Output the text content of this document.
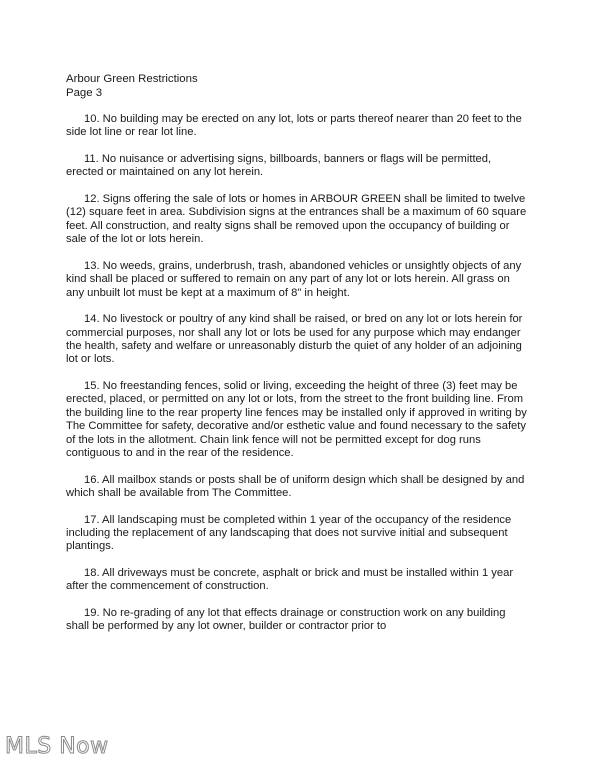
Arbour Green Restrictions
Page 3

10. No building may be erected on any lot, lots or parts thereof nearer than 20 feet to the side lot line or rear lot line.

11. No nuisance or advertising signs, billboards, banners or flags will be permitted, erected or maintained on any lot herein.

12. Signs offering the sale of lots or homes in ARBOUR GREEN shall be limited to twelve (12) square feet in area. Subdivision signs at the entrances shall be a maximum of 60 square feet. All construction, and realty signs shall be removed upon the occupancy of building or sale of the lot or lots herein.

13. No weeds, grains, underbrush, trash, abandoned vehicles or unsightly objects of any kind shall be placed or suffered to remain on any part of any lot or lots herein. All grass on any unbuilt lot must be kept at a maximum of 8" in height.

14. No livestock or poultry of any kind shall be raised, or bred on any lot or lots herein for commercial purposes, nor shall any lot or lots be used for any purpose which may endanger the health, safety and welfare or unreasonably disturb the quiet of any holder of an adjoining lot or lots.

15. No freestanding fences, solid or living, exceeding the height of three (3) feet may be erected, placed, or permitted on any lot or lots, from the street to the front building line. From the building line to the rear property line fences may be installed only if approved in writing by The Committee for safety, decorative and/or esthetic value and found necessary to the safety of the lots in the allotment. Chain link fence will not be permitted except for dog runs contiguous to and in the rear of the residence.

16. All mailbox stands or posts shall be of uniform design which shall be designed by and which shall be available from The Committee.

17. All landscaping must be completed within 1 year of the occupancy of the residence including the replacement of any landscaping that does not survive initial and subsequent plantings.

18. All driveways must be concrete, asphalt or brick and must be installed within 1 year after the commencement of construction.

19. No re-grading of any lot that effects drainage or construction work on any building shall be performed by any lot owner, builder or contractor prior to

MLS Now
